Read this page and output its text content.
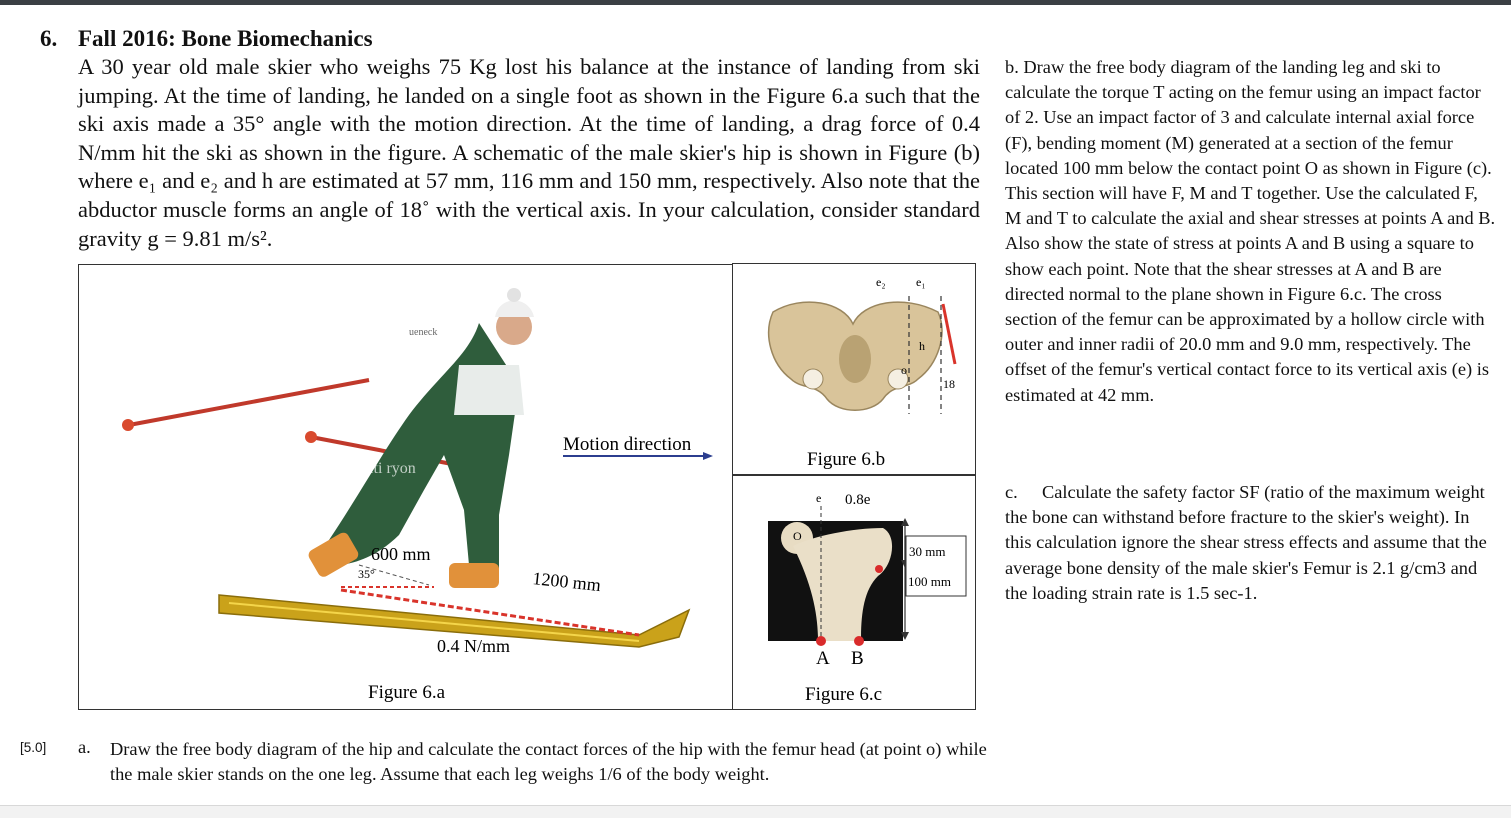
6. Fall 2016: Bone Biomechanics
A 30 year old male skier who weighs 75 Kg lost his balance at the instance of landing from ski jumping. At the time of landing, he landed on a single foot as shown in the Figure 6.a such that the ski axis made a 35° angle with the motion direction. At the time of landing, a drag force of 0.4 N/mm hit the ski as shown in the figure. A schematic of the male skier's hip is shown in Figure (b) where e₁ and e₂ and h are estimated at 57 mm, 116 mm and 150 mm, respectively. Also note that the abductor muscle forms an angle of 18˚ with the vertical axis. In your calculation, consider standard gravity g = 9.81 m/s².
b. Draw the free body diagram of the landing leg and ski to calculate the torque T acting on the femur using an impact factor of 2. Use an impact factor of 3 and calculate internal axial force (F), bending moment (M) generated at a section of the femur located 100 mm below the contact point O as shown in Figure (c). This section will have F, M and T together. Use the calculated F, M and T to calculate the axial and shear stresses at points A and B. Also show the state of stress at points A and B using a square to show each point. Note that the shear stresses at A and B are directed normal to the plane shown in Figure 6.c. The cross section of the femur can be approximated by a hollow circle with outer and inner radii of 20.0 mm and 9.0 mm, respectively. The offset of the femur's vertical contact force to its vertical axis (e) is estimated at 42 mm.
c. Calculate the safety factor SF (ratio of the maximum weight the bone can withstand before fracture to the skier's weight). In this calculation ignore the shear stress effects and assume that the average bone density of the male skier's Femur is 2.1 g/cm3 and the loading strain rate is 1.5 sec-1.
ueneck
dicti ryon
Motion direction
600 mm
1200 mm
35°
0.4 N/mm
Figure 6.a
e₂	e₁
h
o
18
Figure 6.b
e 0.8e
30 mm
100 mm
O
A B
Figure 6.c
[5.0] a. Draw the free body diagram of the hip and calculate the contact forces of the hip with the femur head (at point o) while the male skier stands on the one leg. Assume that each leg weighs 1/6 of the body weight.
